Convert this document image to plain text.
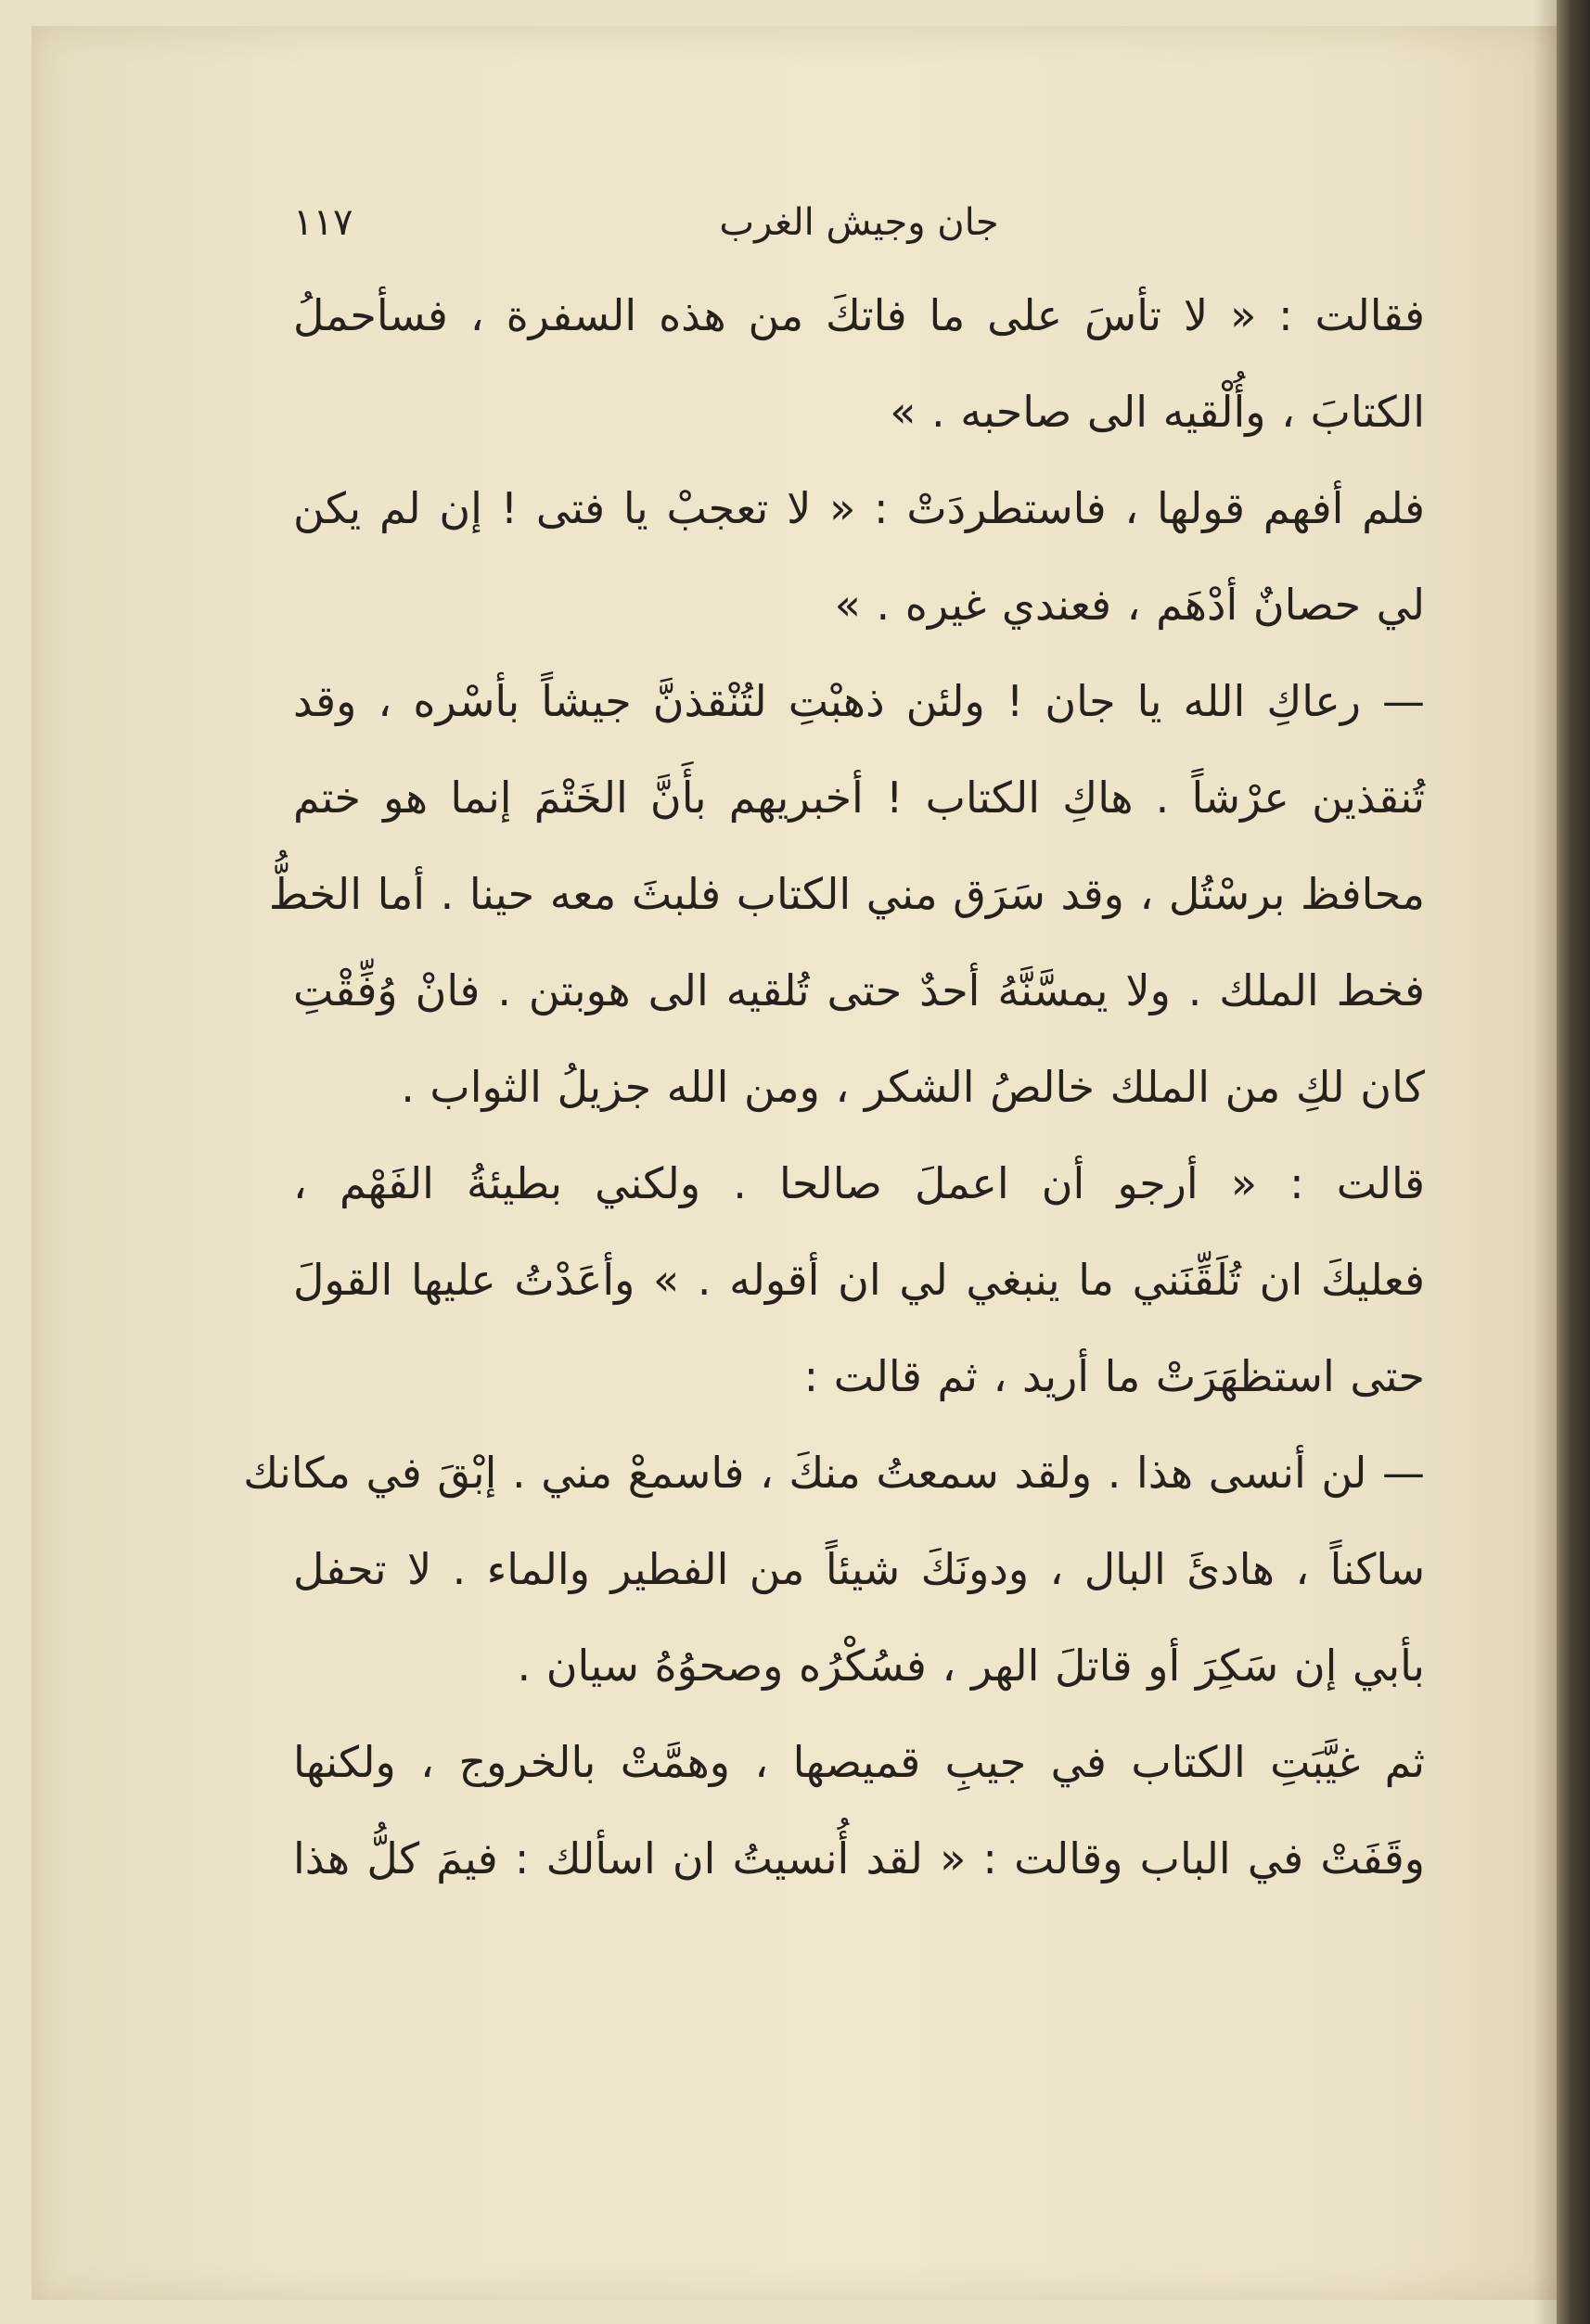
جان وجيش الغرب
١١٧

فقالت : « لا تأسَ على ما فاتكَ من هذه السفرة ، فسأحملُ
الكتابَ ، وأُلْقيه الى صاحبه . »

فلم أفهم قولها ، فاستطردَتْ : « لا تعجبْ يا فتى ! إن لم يكن
لي حصانٌ أدْهَم ، فعندي غيره . »

— رعاكِ الله يا جان ! ولئن ذهبْتِ لتُنْقذنَّ جيشاً بأسْره ، وقد
تُنقذين عرْشاً . هاكِ الكتاب ! أخبريهم بأَنَّ الخَتْمَ إنما هو ختم
محافظ برسْتُل ، وقد سَرَق مني الكتاب فلبثَ معه حينا . أما الخطُّ
فخط الملك . ولا يمسَّنَّهُ أحدٌ حتى تُلقيه الى هوبتن . فانْ وُفِّقْتِ
كان لكِ من الملك خالصُ الشكر ، ومن الله جزيلُ الثواب .

قالت : « أرجو أن اعملَ صالحا . ولكني بطيئةُ الفَهْم ،
فعليكَ ان تُلَقِّنَني ما ينبغي لي ان أقوله . » وأعَدْتُ عليها القولَ
حتى استظهَرَتْ ما أريد ، ثم قالت :

— لن أنسى هذا . ولقد سمعتُ منكَ ، فاسمعْ مني . إبْقَ في مكانك
ساكناً ، هادئَ البال ، ودونَكَ شيئاً من الفطير والماء . لا تحفل
بأبي إن سَكِرَ أو قاتلَ الهر ، فسُكْرُه وصحوُهُ سيان .

ثم غيَّبَتِ الكتاب في جيبِ قميصها ، وهمَّتْ بالخروج ، ولكنها
وقَفَتْ في الباب وقالت : « لقد أُنسيتُ ان اسألك : فيمَ كلُّ هذا
